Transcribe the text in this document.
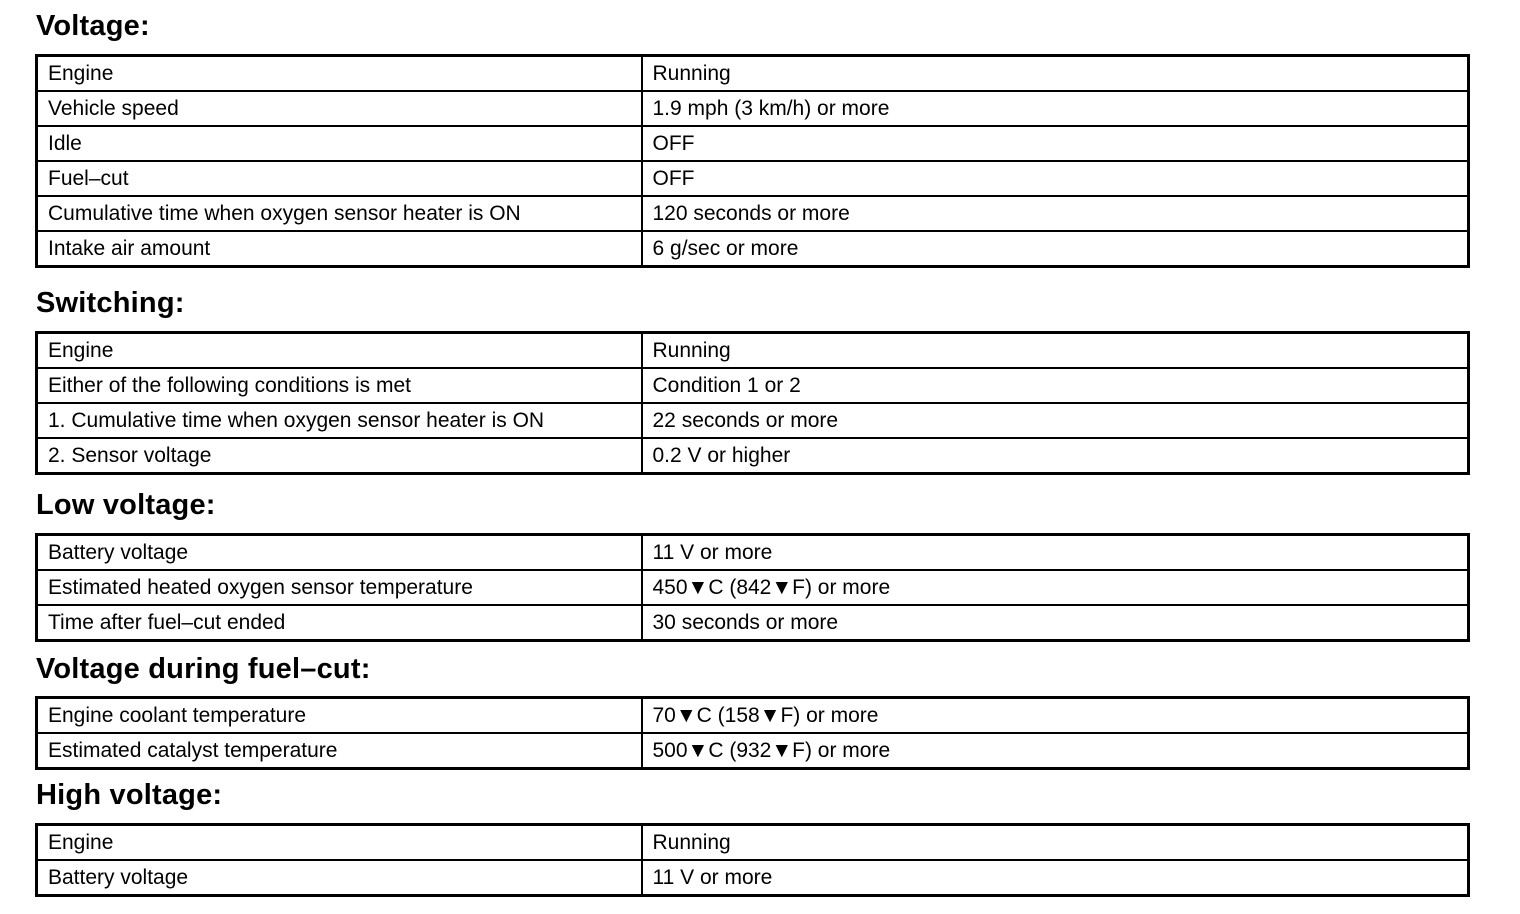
Voltage:
Engine	Running
Vehicle speed	1.9 mph (3 km/h) or more
Idle	OFF
Fuel–cut	OFF
Cumulative time when oxygen sensor heater is ON	120 seconds or more
Intake air amount	6 g/sec or more
Switching:
Engine	Running
Either of the following conditions is met	Condition 1 or 2
1. Cumulative time when oxygen sensor heater is ON	22 seconds or more
2. Sensor voltage	0.2 V or higher
Low voltage:
Battery voltage	11 V or more
Estimated heated oxygen sensor temperature	450▼C (842▼F) or more
Time after fuel–cut ended	30 seconds or more
Voltage during fuel–cut:
Engine coolant temperature	70▼C (158▼F) or more
Estimated catalyst temperature	500▼C (932▼F) or more
High voltage:
Engine	Running
Battery voltage	11 V or more
